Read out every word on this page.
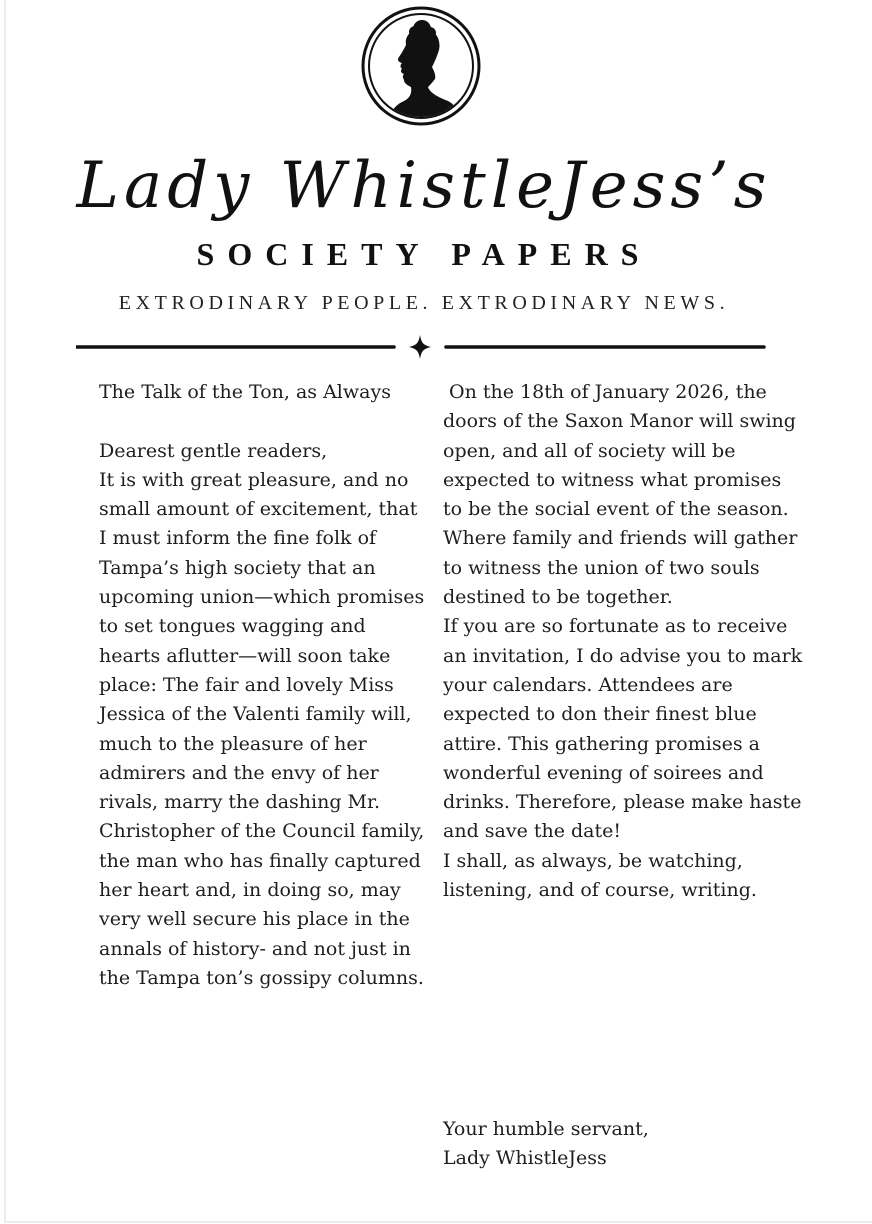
Lady WhistleJess’s
SOCIETY PAPERS
EXTRODINARY PEOPLE. EXTRODINARY NEWS.

The Talk of the Ton, as Always

Dearest gentle readers,

It is with great pleasure, and no small amount of excitement, that I must inform the fine folk of Tampa’s high society that an upcoming union—which promises to set tongues wagging and hearts aflutter—will soon take place: The fair and lovely Miss Jessica of the Valenti family will, much to the pleasure of her admirers and the envy of her rivals, marry the dashing Mr. Christopher of the Council family, the man who has finally captured her heart and, in doing so, may very well secure his place in the annals of history- and not just in the Tampa ton’s gossipy columns.

On the 18th of January 2026, the doors of the Saxon Manor will swing open, and all of society will be expected to witness what promises to be the social event of the season. Where family and friends will gather to witness the union of two souls destined to be together.

If you are so fortunate as to receive an invitation, I do advise you to mark your calendars. Attendees are expected to don their finest blue attire. This gathering promises a wonderful evening of soirees and drinks. Therefore, please make haste and save the date!

I shall, as always, be watching, listening, and of course, writing.

Your humble servant,

Lady WhistleJess
